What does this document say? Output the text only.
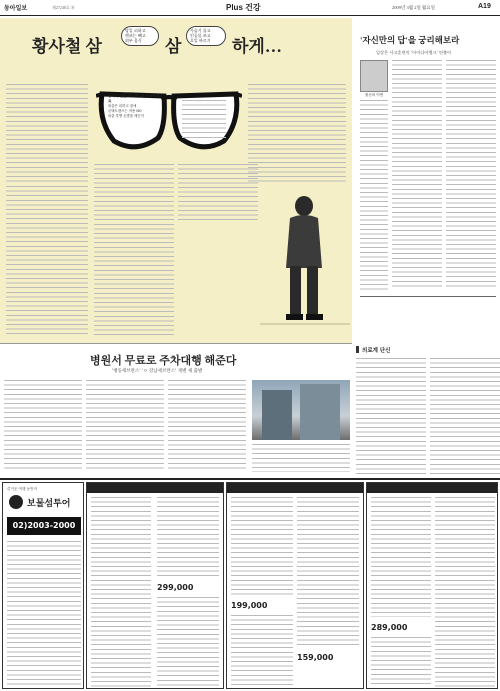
동아일보	제27248호 ⑩	Plus 건강	2009년 3월 2일 월요일	A19
황사철 삼
당일 피하고
렌즈는 빼고
외부 음식	삼
가습기 틀고
인공물 쓰고
오일 바르기	하게…
황사가 심할 때 이런 점 조심하세요
외출은 피하고 집에
콘택트렌즈는 착용 NO
외출 후엔 손발을 깨끗이
'자신만의 답'을 궁리해보라
일상은 사고훈련의 '아이디어뱅크' 연출어
정신의 이면
의료계 단신
병원서 무료로 주차대행 해준다
'병동세브란스' 'ㅇ 강남세브란스' 개별 새 출발
즐거운 여행 동반자
보물섬투어
02)2003-2000
299,000
199,000
159,000
289,000
